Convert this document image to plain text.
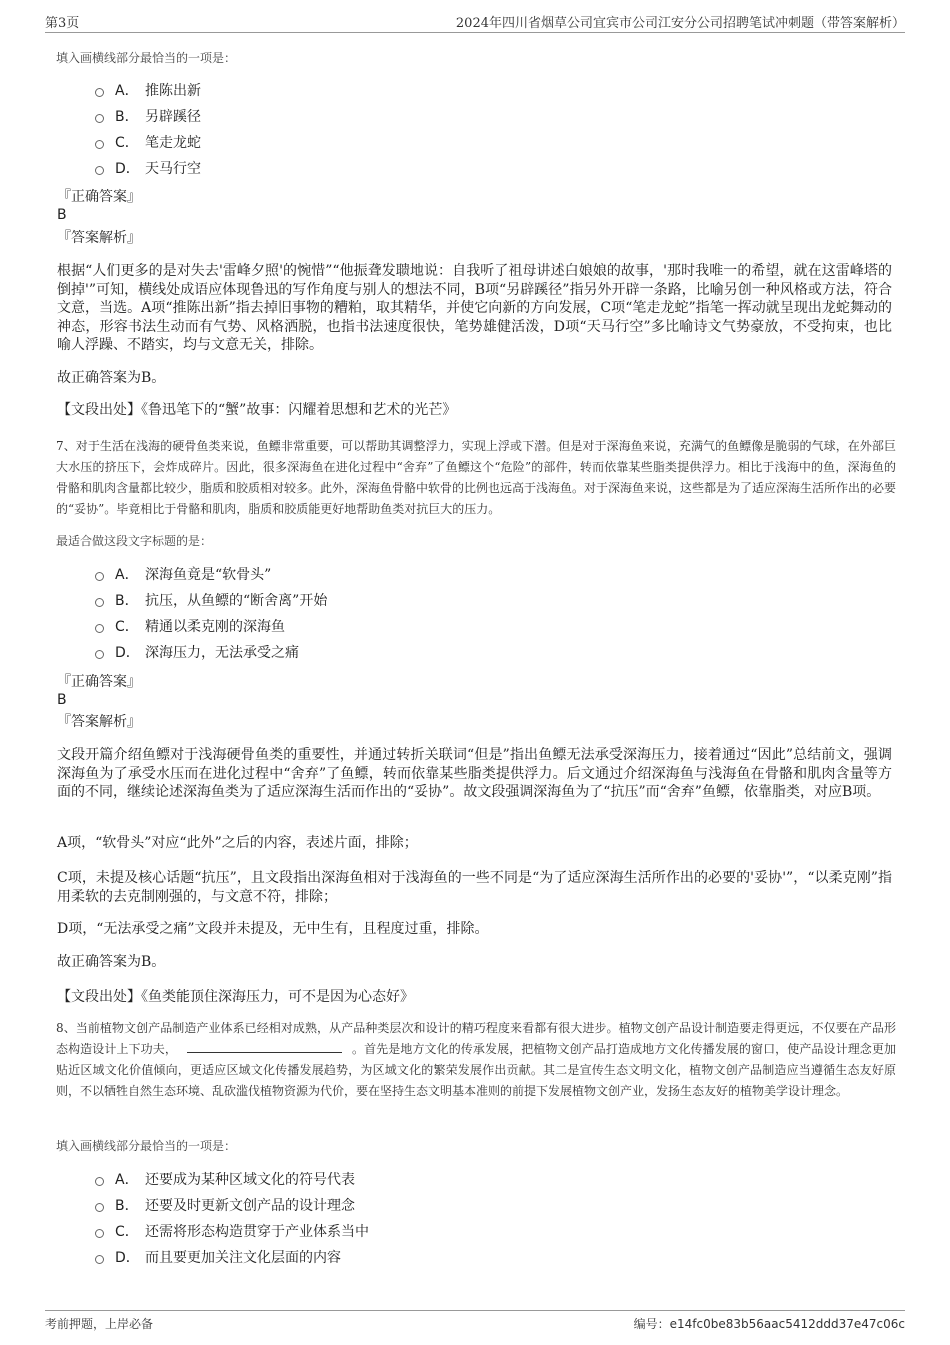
第3页	2024年四川省烟草公司宜宾市公司江安分公司招聘笔试冲刺题（带答案解析）
填入画横线部分最恰当的一项是：
A． 推陈出新
B． 另辟蹊径
C． 笔走龙蛇
D． 天马行空
『正确答案』
B
『答案解析』
根据“人们更多的是对失去'雷峰夕照'的惋惜”“他振聋发聩地说：自我听了祖母讲述白娘娘的故事，'那时我唯一的希望，就在这雷峰塔的倒掉'”可知，横线处成语应体现鲁迅的写作角度与别人的想法不同，B项“另辟蹊径”指另外开辟一条路，比喻另创一种风格或方法，符合文意，当选。A项“推陈出新”指去掉旧事物的糟粕，取其精华，并使它向新的方向发展，C项“笔走龙蛇”指笔一挥动就呈现出龙蛇舞动的神态，形容书法生动而有气势、风格洒脱，也指书法速度很快，笔势雄健活泼，D项“天马行空”多比喻诗文气势豪放，不受拘束，也比喻人浮躁、不踏实，均与文意无关，排除。
故正确答案为B。
【文段出处】《鲁迅笔下的“蟹”故事：闪耀着思想和艺术的光芒》
7、对于生活在浅海的硬骨鱼类来说，鱼鳔非常重要，可以帮助其调整浮力，实现上浮或下潜。但是对于深海鱼来说，充满气的鱼鳔像是脆弱的气球，在外部巨大水压的挤压下，会炸成碎片。因此，很多深海鱼在进化过程中“舍弃”了鱼鳔这个“危险”的部件，转而依靠某些脂类提供浮力。相比于浅海中的鱼，深海鱼的骨骼和肌肉含量都比较少，脂质和胶质相对较多。此外，深海鱼骨骼中软骨的比例也远高于浅海鱼。对于深海鱼来说，这些都是为了适应深海生活所作出的必要的“妥协”。毕竟相比于骨骼和肌肉，脂质和胶质能更好地帮助鱼类对抗巨大的压力。
最适合做这段文字标题的是：
A． 深海鱼竟是“软骨头”
B． 抗压，从鱼鳔的“断舍离”开始
C． 精通以柔克刚的深海鱼
D． 深海压力，无法承受之痛
『正确答案』
B
『答案解析』
文段开篇介绍鱼鳔对于浅海硬骨鱼类的重要性，并通过转折关联词“但是”指出鱼鳔无法承受深海压力，接着通过“因此”总结前文，强调深海鱼为了承受水压而在进化过程中“舍弃”了鱼鳔，转而依靠某些脂类提供浮力。后文通过介绍深海鱼与浅海鱼在骨骼和肌肉含量等方面的不同，继续论述深海鱼类为了适应深海生活而作出的“妥协”。故文段强调深海鱼为了“抗压”而“舍弃”鱼鳔，依靠脂类，对应B项。
A项，“软骨头”对应“此外”之后的内容，表述片面，排除；
C项，未提及核心话题“抗压”，且文段指出深海鱼相对于浅海鱼的一些不同是“为了适应深海生活所作出的必要的'妥协'”，“以柔克刚”指用柔软的去克制刚强的，与文意不符，排除；
D项，“无法承受之痛”文段并未提及，无中生有，且程度过重，排除。
故正确答案为B。
【文段出处】《鱼类能顶住深海压力，可不是因为心态好》
8、当前植物文创产品制造产业体系已经相对成熟，从产品种类层次和设计的精巧程度来看都有很大进步。植物文创产品设计制造要走得更远，不仅要在产品形态构造设计上下功夫，	。首先是地方文化的传承发展，把植物文创产品打造成地方文化传播发展的窗口，使产品设计理念更加贴近区域文化价值倾向，更适应区域文化传播发展趋势，为区域文化的繁荣发展作出贡献。其二是宣传生态文明文化，植物文创产品制造应当遵循生态友好原则，不以牺牲自然生态环境、乱砍滥伐植物资源为代价，要在坚持生态文明基本准则的前提下发展植物文创产业，发扬生态友好的植物美学设计理念。
填入画横线部分最恰当的一项是：
A． 还要成为某种区域文化的符号代表
B． 还要及时更新文创产品的设计理念
C． 还需将形态构造贯穿于产业体系当中
D． 而且要更加关注文化层面的内容
考前押题，上岸必备	编号：e14fc0be83b56aac5412ddd37e47c06c
